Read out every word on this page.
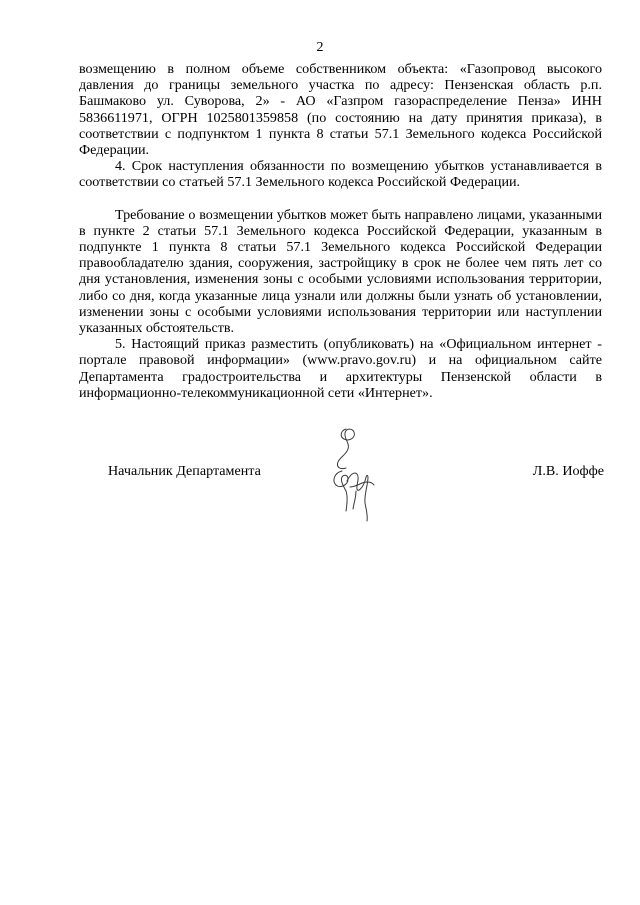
2

возмещению в полном объеме собственником объекта: «Газопровод высокого давления до границы земельного участка по адресу: Пензенская область р.п. Башмаково ул. Суворова, 2» - АО «Газпром газораспределение Пенза» ИНН 5836611971, ОГРН 1025801359858 (по состоянию на дату принятия приказа), в соответствии с подпунктом 1 пункта 8 статьи 57.1 Земельного кодекса Российской Федерации.

4. Срок наступления обязанности по возмещению убытков устанавливается в соответствии со статьей 57.1 Земельного кодекса Российской Федерации.

Требование о возмещении убытков может быть направлено лицами, указанными в пункте 2 статьи 57.1 Земельного кодекса Российской Федерации, указанным в подпункте 1 пункта 8 статьи 57.1 Земельного кодекса Российской Федерации правообладателю здания, сооружения, застройщику в срок не более чем пять лет со дня установления, изменения зоны с особыми условиями использования территории, либо со дня, когда указанные лица узнали или должны были узнать об установлении, изменении зоны с особыми условиями использования территории или наступлении указанных обстоятельств.

5. Настоящий приказ разместить (опубликовать) на «Официальном интернет - портале правовой информации» (www.pravo.gov.ru) и на официальном сайте Департамента градостроительства и архитектуры Пензенской области в информационно-телекоммуникационной сети «Интернет».

Начальник Департамента	Л.В. Иоффе
